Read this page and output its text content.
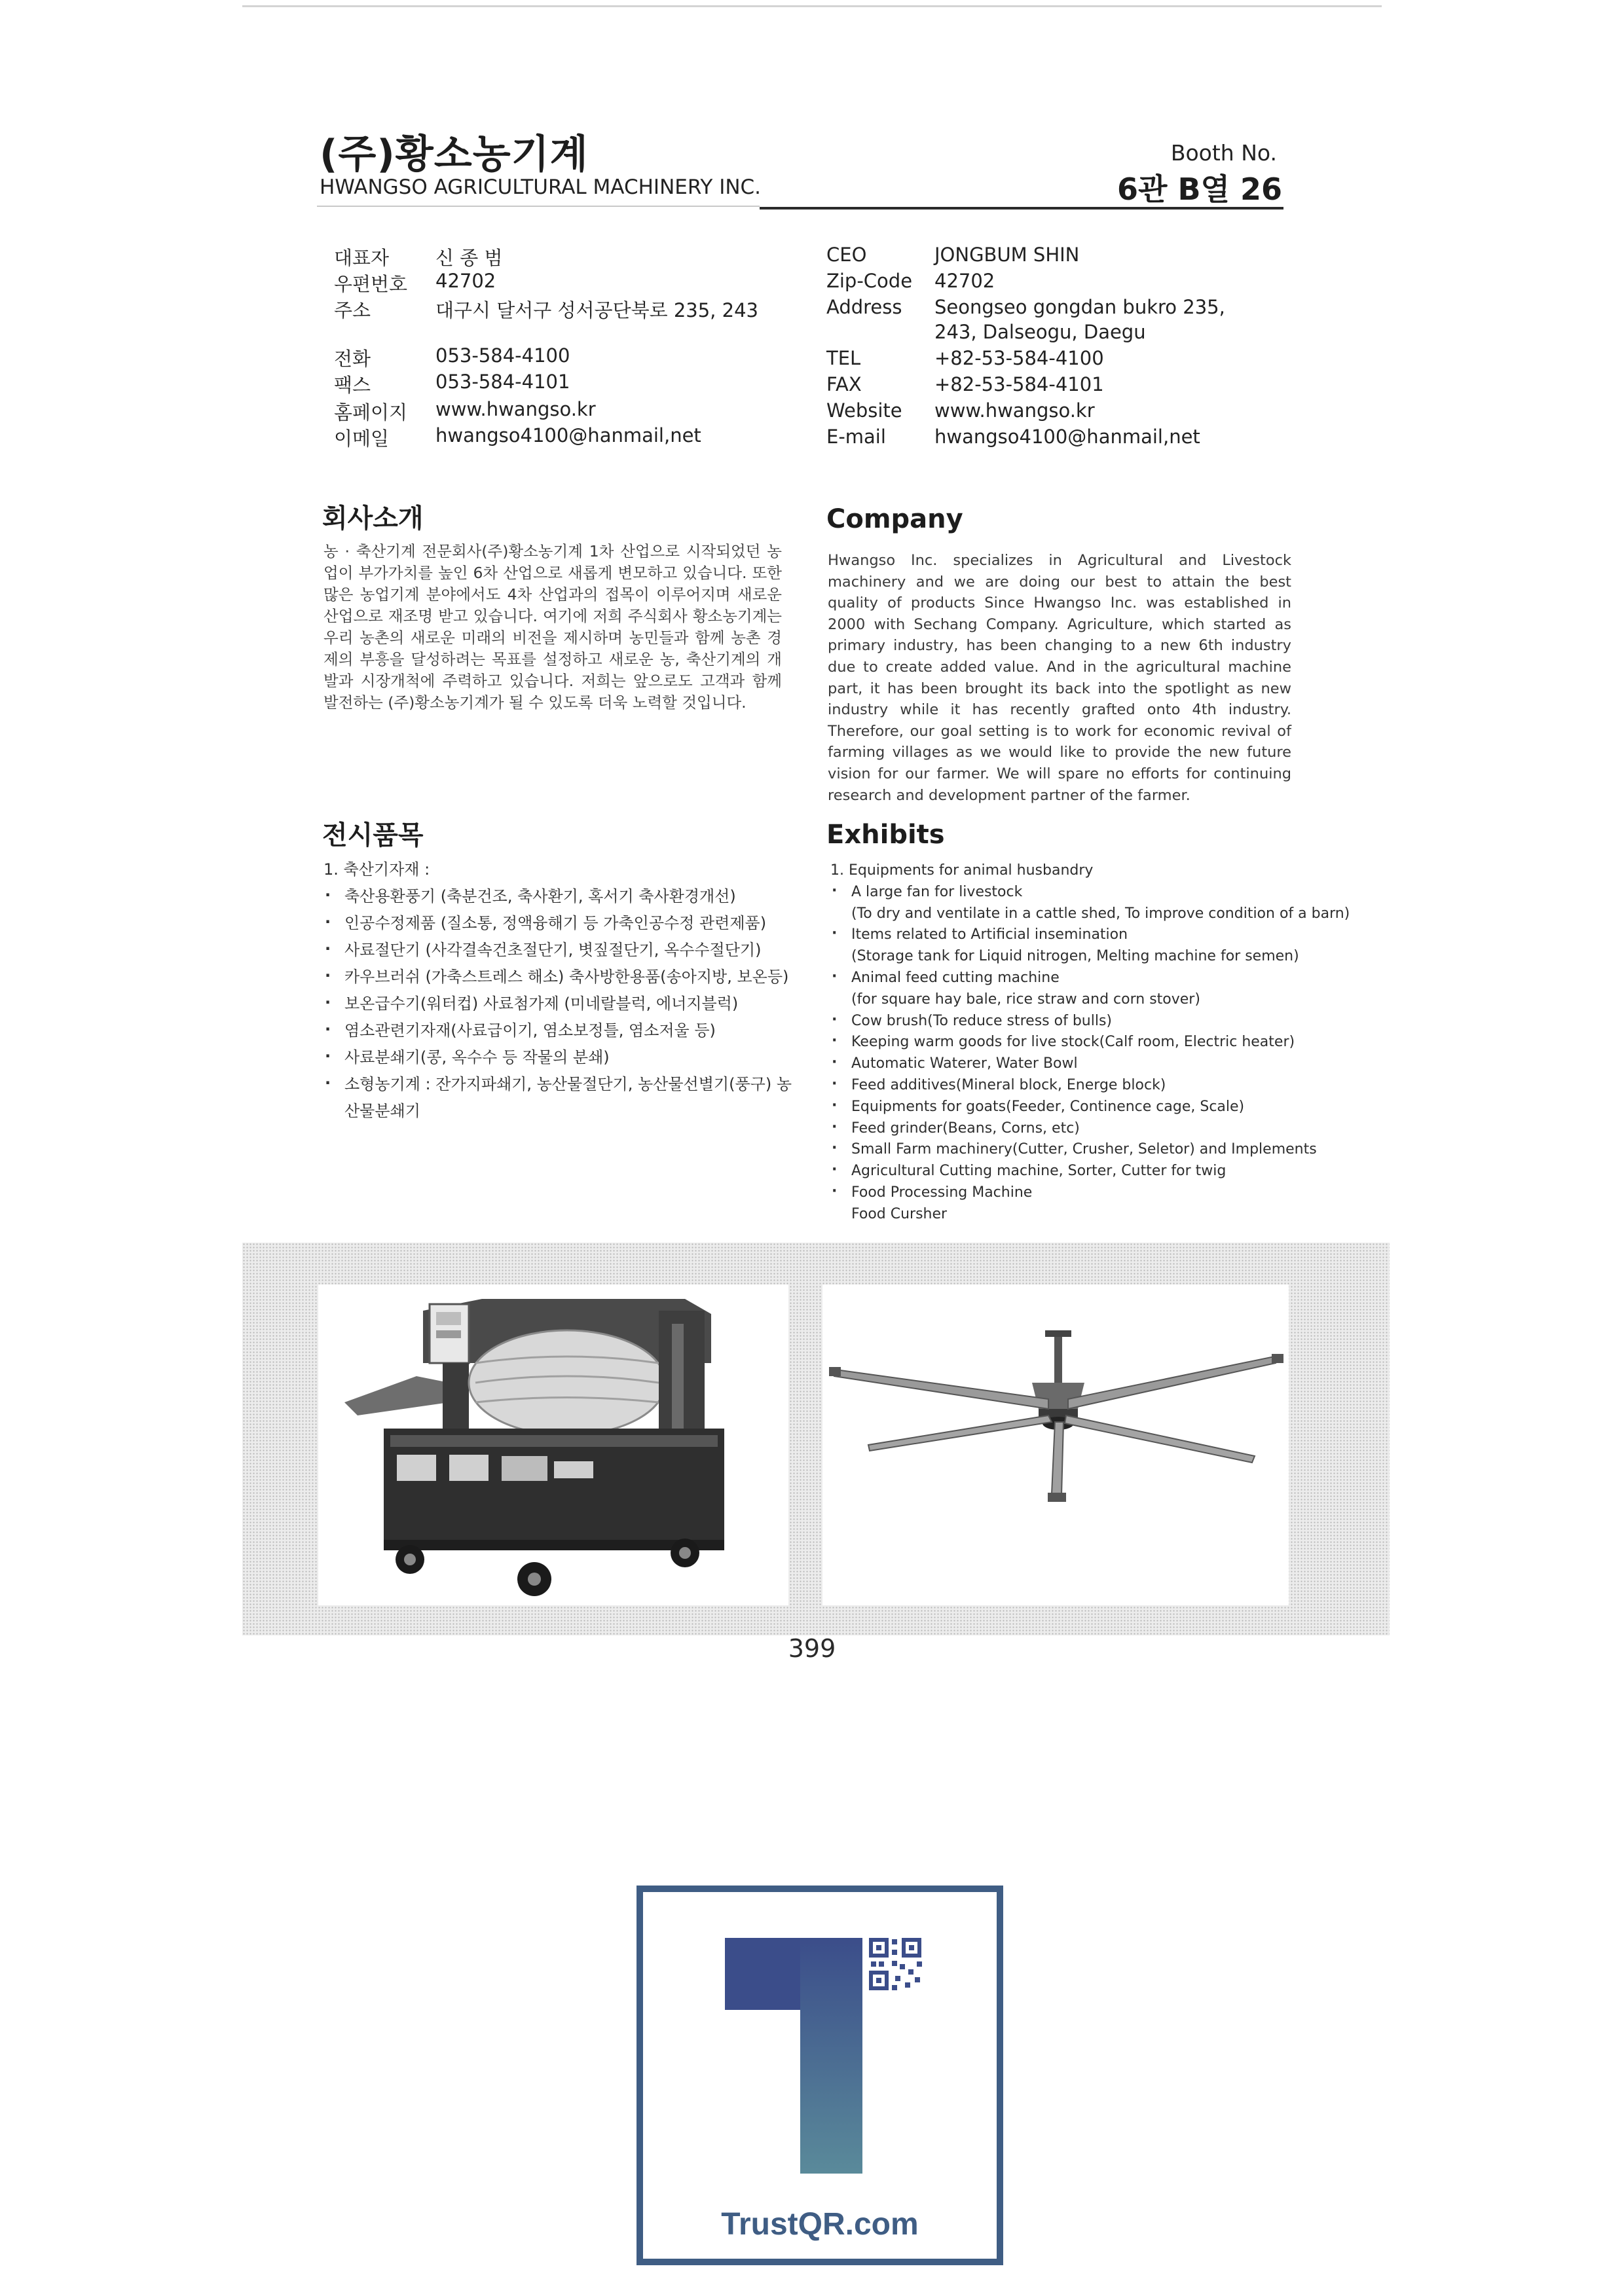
(주)황소농기계
HWANGSO AGRICULTURAL MACHINERY INC.
Booth No.
6관 B열 26
대표자 신 종 범
우편번호 42702
주소	대구시 달서구 성서공단북로 235, 243
전화	053-584-4100
팩스	053-584-4101
홈페이지 www.hwangso.kr
이메일 hwangso4100@hanmail,net
CEO	JONGBUM SHIN
Zip-Code 42702
Address Seongseo gongdan bukro 235,
243, Dalseogu, Daegu
TEL	+82-53-584-4100
FAX	+82-53-584-4101
Website www.hwangso.kr
E-mail	hwangso4100@hanmail,net
회사소개
농 · 축산기계 전문회사(주)황소농기계 1차 산업으로 시작되었던 농업이 부가가치를 높인 6차 산업으로 새롭게 변모하고 있습니다. 또한 많은 농업기계 분야에서도 4차 산업과의 접목이 이루어지며 새로운 산업으로 재조명 받고 있습니다. 여기에 저희 주식회사 황소농기계는 우리 농촌의 새로운 미래의 비전을 제시하며 농민들과 함께 농촌 경제의 부흥을 달성하려는 목표를 설정하고 새로운 농, 축산기계의 개발과 시장개척에 주력하고 있습니다. 저희는 앞으로도 고객과 함께 발전하는 (주)황소농기계가 될 수 있도록 더욱 노력할 것입니다.
Company
Hwangso Inc. specializes in Agricultural and Livestock machinery and we are doing our best to attain the best quality of products Since Hwangso Inc. was established in 2000 with Sechang Company. Agriculture, which started as primary industry, has been changing to a new 6th industry due to create added value. And in the agricultural machine part, it has been brought its back into the spotlight as new industry while it has recently grafted onto 4th industry. Therefore, our goal setting is to work for economic revival of farming villages as we would like to provide the new future vision for our farmer. We will spare no efforts for continuing research and development partner of the farmer.
전시품목
1. 축산기자재 :
· 축산용환풍기 (축분건조, 축사환기, 혹서기 축사환경개선)
· 인공수정제품 (질소통, 정액융해기 등 가축인공수정 관련제품)
· 사료절단기 (사각결속건초절단기, 볏짚절단기, 옥수수절단기)
· 카우브러쉬 (가축스트레스 해소) 축사방한용품(송아지방, 보온등)
· 보온급수기(워터컵) 사료첨가제 (미네랄블럭, 에너지블럭)
· 염소관련기자재(사료급이기, 염소보정틀, 염소저울 등)
· 사료분쇄기(콩, 옥수수 등 작물의 분쇄)
· 소형농기계 : 잔가지파쇄기, 농산물절단기, 농산물선별기(풍구) 농
산물분쇄기
Exhibits
1. Equipments for animal husbandry
· A large fan for livestock
(To dry and ventilate in a cattle shed, To improve condition of a barn)
· Items related to Artificial insemination
(Storage tank for Liquid nitrogen, Melting machine for semen)
· Animal feed cutting machine
(for square hay bale, rice straw and corn stover)
· Cow brush(To reduce stress of bulls)
· Keeping warm goods for live stock(Calf room, Electric heater)
· Automatic Waterer, Water Bowl
· Feed additives(Mineral block, Energe block)
· Equipments for goats(Feeder, Continence cage, Scale)
· Feed grinder(Beans, Corns, etc)
· Small Farm machinery(Cutter, Crusher, Seletor) and Implements
· Agricultural Cutting machine, Sorter, Cutter for twig
· Food Processing Machine
Food Cursher
399
TrustQR.com
